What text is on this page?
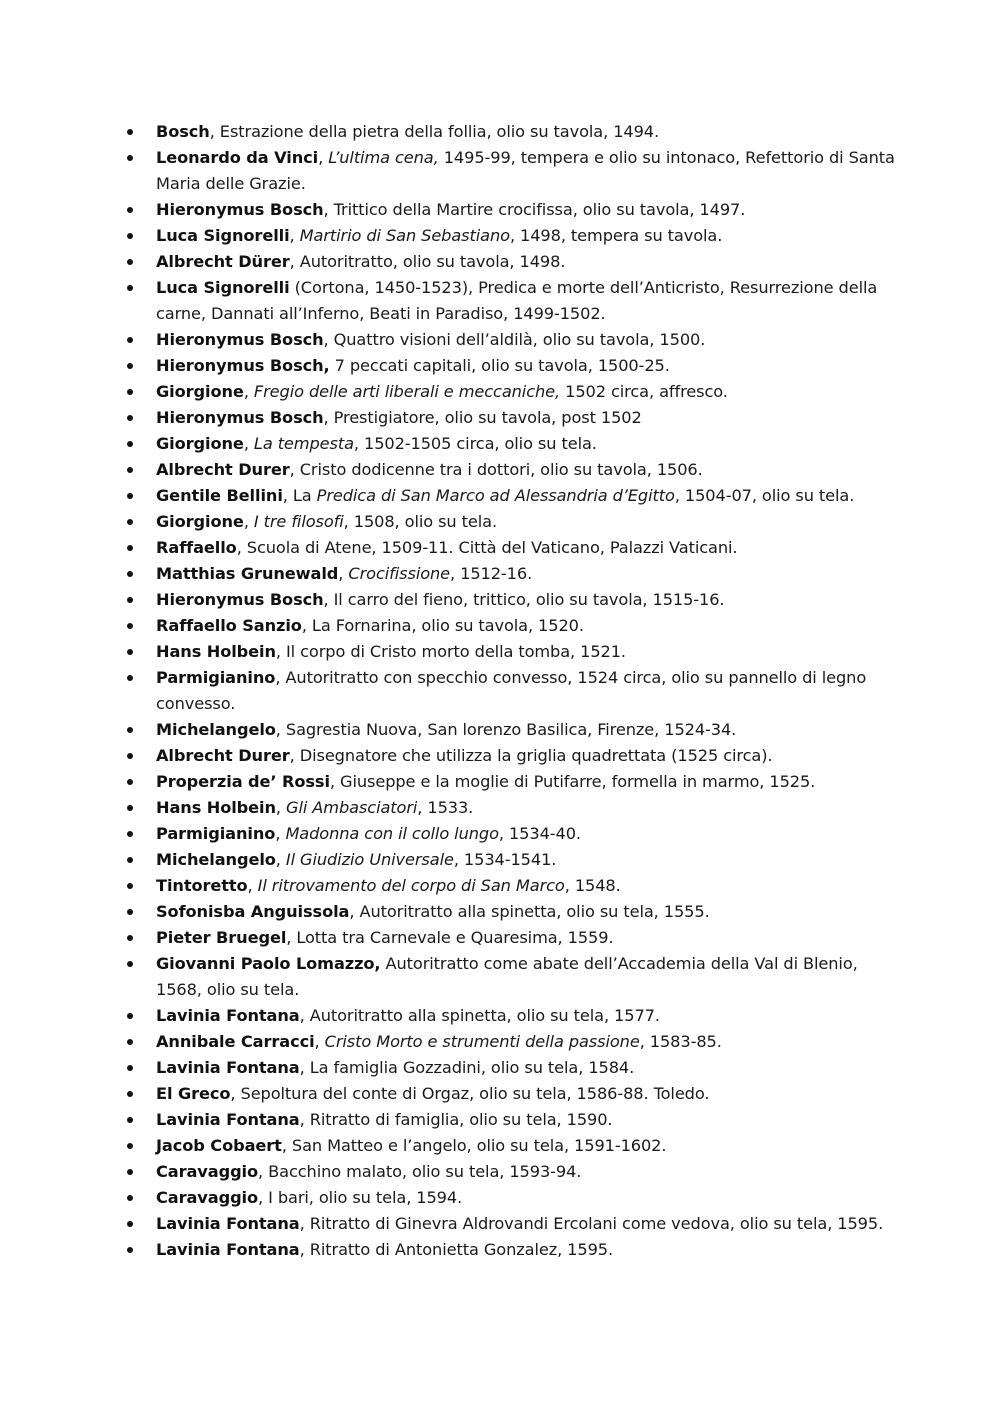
Bosch, Estrazione della pietra della follia, olio su tavola, 1494.
Leonardo da Vinci, L’ultima cena, 1495-99, tempera e olio su intonaco, Refettorio di Santa Maria delle Grazie.
Hieronymus Bosch, Trittico della Martire crocifissa, olio su tavola, 1497.
Luca Signorelli, Martirio di San Sebastiano, 1498, tempera su tavola.
Albrecht Dürer, Autoritratto, olio su tavola, 1498.
Luca Signorelli (Cortona, 1450-1523), Predica e morte dell’Anticristo, Resurrezione della carne, Dannati all’Inferno, Beati in Paradiso, 1499-1502.
Hieronymus Bosch, Quattro visioni dell’aldilà, olio su tavola, 1500.
Hieronymus Bosch, 7 peccati capitali, olio su tavola, 1500-25.
Giorgione, Fregio delle arti liberali e meccaniche, 1502 circa, affresco.
Hieronymus Bosch, Prestigiatore, olio su tavola, post 1502
Giorgione, La tempesta, 1502-1505 circa, olio su tela.
Albrecht Durer, Cristo dodicenne tra i dottori, olio su tavola, 1506.
Gentile Bellini, La Predica di San Marco ad Alessandria d’Egitto, 1504-07, olio su tela.
Giorgione, I tre filosofi, 1508, olio su tela.
Raffaello, Scuola di Atene, 1509-11. Città del Vaticano, Palazzi Vaticani.
Matthias Grunewald, Crocifissione, 1512-16.
Hieronymus Bosch, Il carro del fieno, trittico, olio su tavola, 1515-16.
Raffaello Sanzio, La Fornarina, olio su tavola, 1520.
Hans Holbein, Il corpo di Cristo morto della tomba, 1521.
Parmigianino, Autoritratto con specchio convesso, 1524 circa, olio su pannello di legno convesso.
Michelangelo, Sagrestia Nuova, San lorenzo Basilica, Firenze, 1524-34.
Albrecht Durer, Disegnatore che utilizza la griglia quadrettata (1525 circa).
Properzia de’ Rossi, Giuseppe e la moglie di Putifarre, formella in marmo, 1525.
Hans Holbein, Gli Ambasciatori, 1533.
Parmigianino, Madonna con il collo lungo, 1534-40.
Michelangelo, Il Giudizio Universale, 1534-1541.
Tintoretto, Il ritrovamento del corpo di San Marco, 1548.
Sofonisba Anguissola, Autoritratto alla spinetta, olio su tela, 1555.
Pieter Bruegel, Lotta tra Carnevale e Quaresima, 1559.
Giovanni Paolo Lomazzo, Autoritratto come abate dell’Accademia della Val di Blenio, 1568, olio su tela.
Lavinia Fontana, Autoritratto alla spinetta, olio su tela, 1577.
Annibale Carracci, Cristo Morto e strumenti della passione, 1583-85.
Lavinia Fontana, La famiglia Gozzadini, olio su tela, 1584.
El Greco, Sepoltura del conte di Orgaz, olio su tela, 1586-88. Toledo.
Lavinia Fontana, Ritratto di famiglia, olio su tela, 1590.
Jacob Cobaert, San Matteo e l’angelo, olio su tela, 1591-1602.
Caravaggio, Bacchino malato, olio su tela, 1593-94.
Caravaggio, I bari, olio su tela, 1594.
Lavinia Fontana, Ritratto di Ginevra Aldrovandi Ercolani come vedova, olio su tela, 1595.
Lavinia Fontana, Ritratto di Antonietta Gonzalez, 1595.
